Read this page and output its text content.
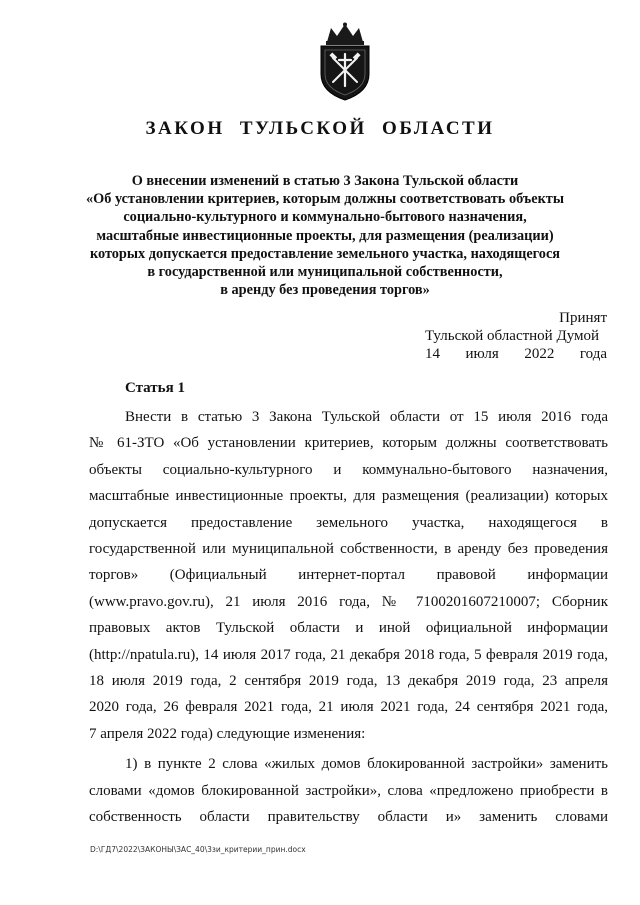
ЗАКОН ТУЛЬСКОЙ ОБЛАСТИ
О внесении изменений в статью 3 Закона Тульской области
«Об установлении критериев, которым должны соответствовать объекты
социально-культурного и коммунально-бытового назначения,
масштабные инвестиционные проекты, для размещения (реализации)
которых допускается предоставление земельного участка, находящегося
в государственной или муниципальной собственности,
в аренду без проведения торгов»
Принят
Тульской областной Думой
14 июля 2022 года
Статья 1
Внести в статью 3 Закона Тульской области от 15 июля 2016 года
№ 61-ЗТО «Об установлении критериев, которым должны соответствовать
объекты социально-культурного и коммунально-бытового назначения,
масштабные инвестиционные проекты, для размещения (реализации) которых
допускается предоставление земельного участка, находящегося в
государственной или муниципальной собственности, в аренду без проведения
торгов» (Официальный интернет-портал правовой информации
(www.pravo.gov.ru), 21 июля 2016 года, № 7100201607210007; Сборник
правовых актов Тульской области и иной официальной информации
(http://npatula.ru), 14 июля 2017 года, 21 декабря 2018 года, 5 февраля 2019 года,
18 июля 2019 года, 2 сентября 2019 года, 13 декабря 2019 года, 23 апреля
2020 года, 26 февраля 2021 года, 21 июля 2021 года, 24 сентября 2021 года,
7 апреля 2022 года) следующие изменения:
1) в пункте 2 слова «жилых домов блокированной застройки» заменить
словами «домов блокированной застройки», слова «предложено приобрести в
собственность области правительству области и» заменить словами
D:\ГД7\2022\ЗАКОНЫ\ЗАС_40\3зи_критерии_прин.docx
